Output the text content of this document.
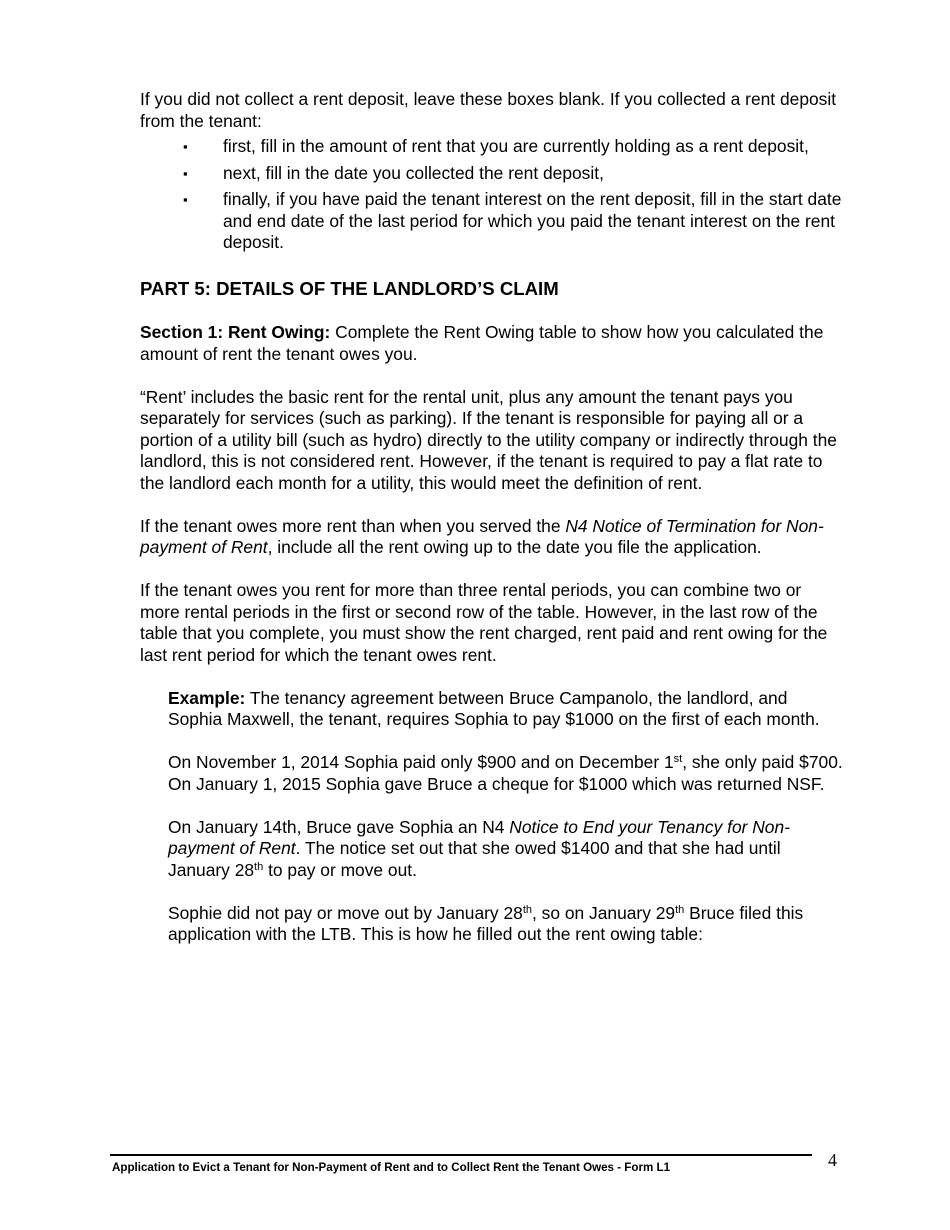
If you did not collect a rent deposit, leave these boxes blank. If you collected a rent deposit from the tenant:

▪ first, fill in the amount of rent that you are currently holding as a rent deposit,
▪ next, fill in the date you collected the rent deposit,
▪ finally, if you have paid the tenant interest on the rent deposit, fill in the start date and end date of the last period for which you paid the tenant interest on the rent deposit.
PART 5: DETAILS OF THE LANDLORD’S CLAIM

Section 1: Rent Owing: Complete the Rent Owing table to show how you calculated the amount of rent the tenant owes you.

“Rent’ includes the basic rent for the rental unit, plus any amount the tenant pays you separately for services (such as parking). If the tenant is responsible for paying all or a portion of a utility bill (such as hydro) directly to the utility company or indirectly through the landlord, this is not considered rent. However, if the tenant is required to pay a flat rate to the landlord each month for a utility, this would meet the definition of rent.

If the tenant owes more rent than when you served the N4 Notice of Termination for Non-payment of Rent, include all the rent owing up to the date you file the application.

If the tenant owes you rent for more than three rental periods, you can combine two or more rental periods in the first or second row of the table. However, in the last row of the table that you complete, you must show the rent charged, rent paid and rent owing for the last rent period for which the tenant owes rent.

Example: The tenancy agreement between Bruce Campanolo, the landlord, and Sophia Maxwell, the tenant, requires Sophia to pay $1000 on the first of each month.

On November 1, 2014 Sophia paid only $900 and on December 1st, she only paid $700. On January 1, 2015 Sophia gave Bruce a cheque for $1000 which was returned NSF.

On January 14th, Bruce gave Sophia an N4 Notice to End your Tenancy for Non-payment of Rent. The notice set out that she owed $1400 and that she had until January 28th to pay or move out.

Sophie did not pay or move out by January 28th, so on January 29th Bruce filed this application with the LTB. This is how he filled out the rent owing table:

Application to Evict a Tenant for Non-Payment of Rent and to Collect Rent the Tenant Owes - Form L1	4
